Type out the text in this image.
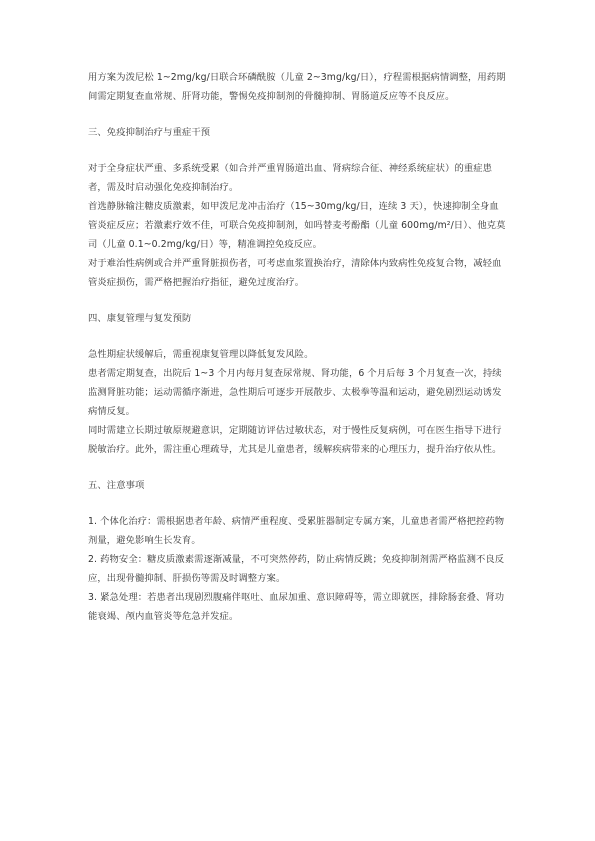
用方案为泼尼松 1~2mg/kg/日联合环磷酰胺（儿童 2~3mg/kg/日），疗程需根据病情调整，用药期间需定期复查血常规、肝肾功能，警惕免疫抑制剂的骨髓抑制、胃肠道反应等不良反应。

三、免疫抑制治疗与重症干预

对于全身症状严重、多系统受累（如合并严重胃肠道出血、肾病综合征、神经系统症状）的重症患者，需及时启动强化免疫抑制治疗。

首选静脉输注糖皮质激素，如甲泼尼龙冲击治疗（15~30mg/kg/日，连续 3 天），快速抑制全身血管炎症反应；若激素疗效不佳，可联合免疫抑制剂，如吗替麦考酚酯（儿童 600mg/m²/日）、他克莫司（儿童 0.1~0.2mg/kg/日）等，精准调控免疫反应。

对于难治性病例或合并严重肾脏损伤者，可考虑血浆置换治疗，清除体内致病性免疫复合物，减轻血管炎症损伤，需严格把握治疗指征，避免过度治疗。

四、康复管理与复发预防

急性期症状缓解后，需重视康复管理以降低复发风险。

患者需定期复查，出院后 1~3 个月内每月复查尿常规、肾功能，6 个月后每 3 个月复查一次，持续监测肾脏功能；运动需循序渐进，急性期后可逐步开展散步、太极拳等温和运动，避免剧烈运动诱发病情反复。

同时需建立长期过敏原规避意识，定期随访评估过敏状态，对于慢性反复病例，可在医生指导下进行脱敏治疗。此外，需注重心理疏导，尤其是儿童患者，缓解疾病带来的心理压力，提升治疗依从性。

五、注意事项

1. 个体化治疗：需根据患者年龄、病情严重程度、受累脏器制定专属方案，儿童患者需严格把控药物剂量，避免影响生长发育。

2. 药物安全：糖皮质激素需逐渐减量，不可突然停药，防止病情反跳；免疫抑制剂需严格监测不良反应，出现骨髓抑制、肝损伤等需及时调整方案。

3. 紧急处理：若患者出现剧烈腹痛伴呕吐、血尿加重、意识障碍等，需立即就医，排除肠套叠、肾功能衰竭、颅内血管炎等危急并发症。
